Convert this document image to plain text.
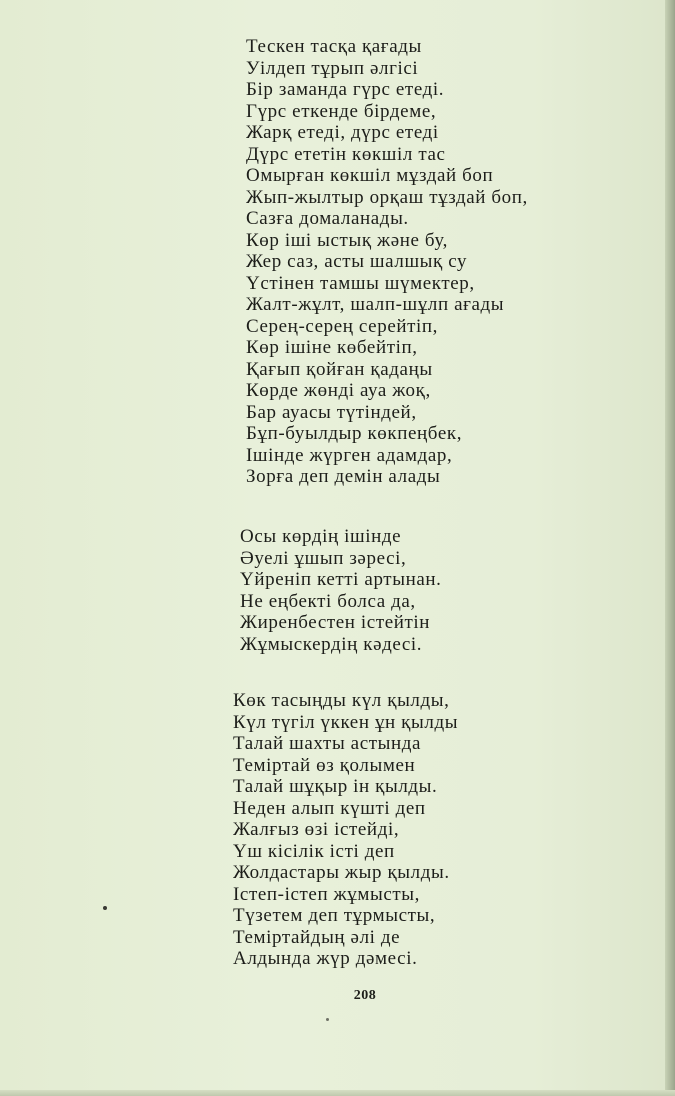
Тескен тасқа қағады
Уілдеп тұрып әлгісі
Бір заманда гүрс етеді.
Гүрс еткенде бірдеме,
Жарқ етеді, дүрс етеді
Дүрс ететін көкшіл тас
Омырған көкшіл мұздай боп
Жып-жылтыр орқаш тұздай боп,
Сазға домаланады.
Көр іші ыстық және бу,
Жер саз, асты шалшық су
Үстінен тамшы шүмектер,
Жалт-жұлт, шалп-шұлп ағады
Серең-серең серейтіп,
Көр ішіне көбейтіп,
Қағып қойған қадаңы
Көрде жөнді ауа жоқ,
Бар ауасы түтіндей,
Бұп-буылдыр көкпеңбек,
Ішінде жүрген адамдар,
Зорға деп демін алады
Осы көрдің ішінде
Әуелі ұшып зәресі,
Үйреніп кетті артынан.
Не еңбекті болса да,
Жиренбестен істейтін
Жұмыскердің кәдесі.
Көк тасыңды күл қылды,
Күл түгіл үккен ұн қылды
Талай шахты астында
Теміртай өз қолымен
Талай шұқыр ін қылды.
Неден алып күшті деп
Жалғыз өзі істейді,
Үш кісілік істі деп
Жолдастары жыр қылды.
Істеп-істеп жұмысты,
Түзетем деп тұрмысты,
Теміртайдың әлі де
Алдында жүр дәмесі.
208
